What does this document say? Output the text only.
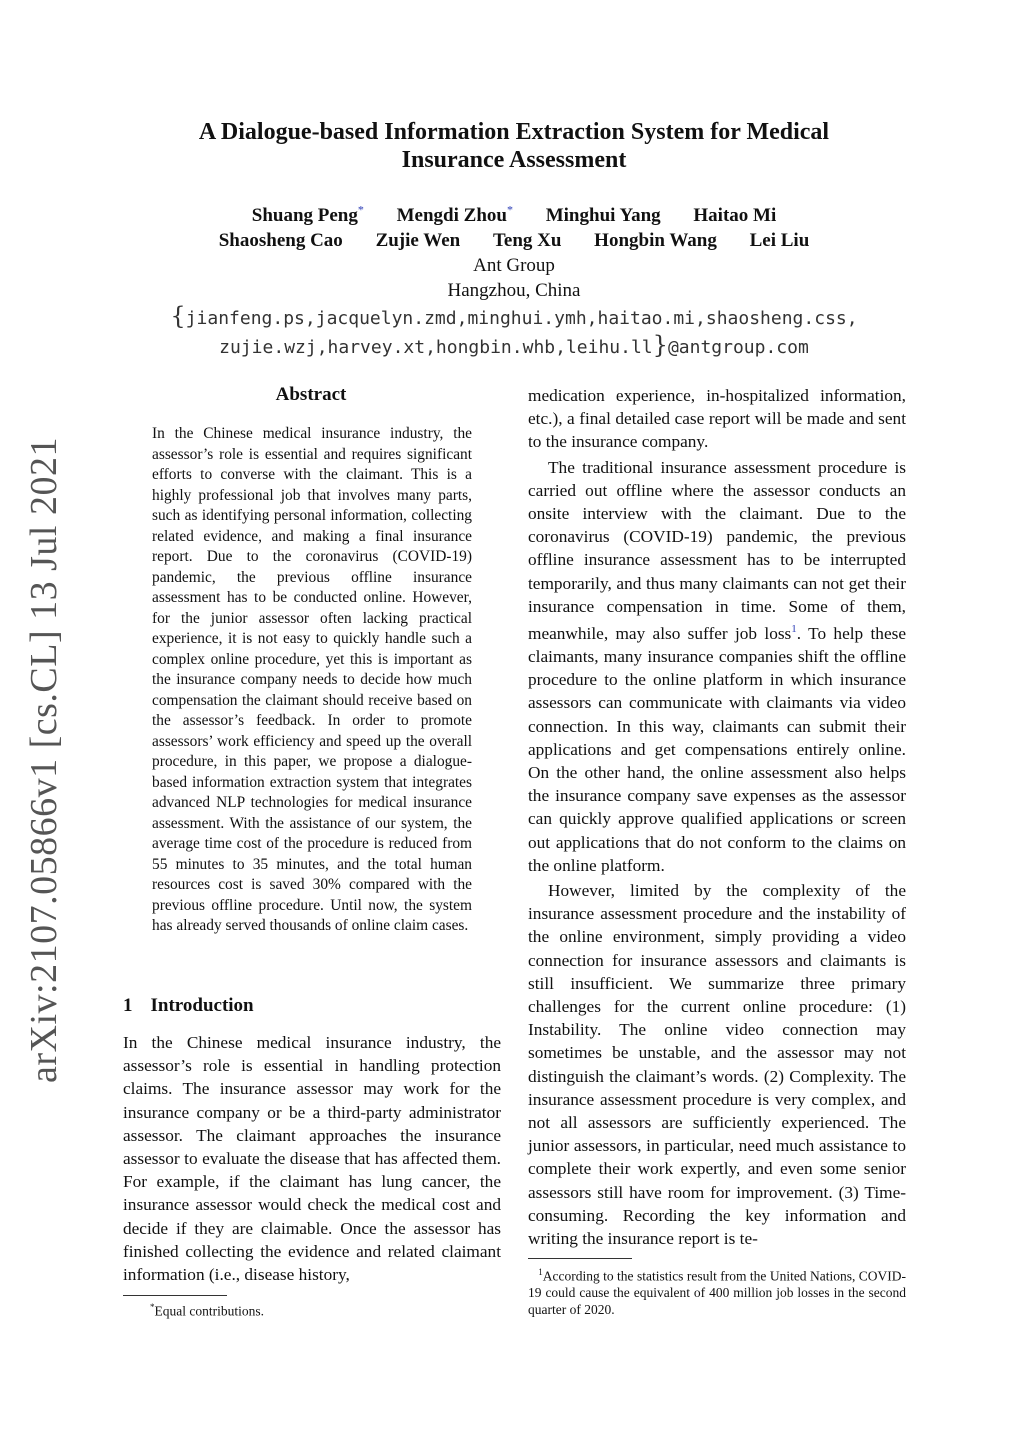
arXiv:2107.05866v1 [cs.CL] 13 Jul 2021
A Dialogue-based Information Extraction System for Medical
Insurance Assessment
Shuang Peng* Mengdi Zhou* Minghui Yang Haitao Mi
Shaosheng Cao Zujie Wen Teng Xu Hongbin Wang Lei Liu
Ant Group
Hangzhou, China
{jianfeng.ps,jacquelyn.zmd,minghui.ymh,haitao.mi,shaosheng.css,
zujie.wzj,harvey.xt,hongbin.whb,leihu.ll}@antgroup.com
Abstract
In the Chinese medical insurance industry, the assessor’s role is essential and requires significant efforts to converse with the claimant. This is a highly professional job that involves many parts, such as identifying personal information, collecting related evidence, and making a final insurance report. Due to the coronavirus (COVID-19) pandemic, the previous offline insurance assessment has to be conducted online. However, for the junior assessor often lacking practical experience, it is not easy to quickly handle such a complex online procedure, yet this is important as the insurance company needs to decide how much compensation the claimant should receive based on the assessor’s feedback. In order to promote assessors’ work efficiency and speed up the overall procedure, in this paper, we propose a dialogue-based information extraction system that integrates advanced NLP technologies for medical insurance assessment. With the assistance of our system, the average time cost of the procedure is reduced from 55 minutes to 35 minutes, and the total human resources cost is saved 30% compared with the previous offline procedure. Until now, the system has already served thousands of online claim cases.
1 Introduction
In the Chinese medical insurance industry, the assessor’s role is essential in handling protection claims. The insurance assessor may work for the insurance company or be a third-party administrator assessor. The claimant approaches the insurance assessor to evaluate the disease that has affected them. For example, if the claimant has lung cancer, the insurance assessor would check the medical cost and decide if they are claimable. Once the assessor has finished collecting the evidence and related claimant information (i.e., disease history,

medication experience, in-hospitalized information, etc.), a final detailed case report will be made and sent to the insurance company.

The traditional insurance assessment procedure is carried out offline where the assessor conducts an onsite interview with the claimant. Due to the coronavirus (COVID-19) pandemic, the previous offline insurance assessment has to be interrupted temporarily, and thus many claimants can not get their insurance compensation in time. Some of them, meanwhile, may also suffer job loss$^1$. To help these claimants, many insurance companies shift the offline procedure to the online platform in which insurance assessors can communicate with claimants via video connection. In this way, claimants can submit their applications and get compensations entirely online. On the other hand, the online assessment also helps the insurance company save expenses as the assessor can quickly approve qualified applications or screen out applications that do not conform to the claims on the online platform.

However, limited by the complexity of the insurance assessment procedure and the instability of the online environment, simply providing a video connection for insurance assessors and claimants is still insufficient. We summarize three primary challenges for the current online procedure: (1) Instability. The online video connection may sometimes be unstable, and the assessor may not distinguish the claimant’s words. (2) Complexity. The insurance assessment procedure is very complex, and not all assessors are sufficiently experienced. The junior assessors, in particular, need much assistance to complete their work expertly, and even some senior assessors still have room for improvement. (3) Time-consuming. Recording the key information and writing the insurance report is te-

*Equal contributions.
$^1$According to the statistics result from the United Nations, COVID-19 could cause the equivalent of 400 million job losses in the second quarter of 2020.
